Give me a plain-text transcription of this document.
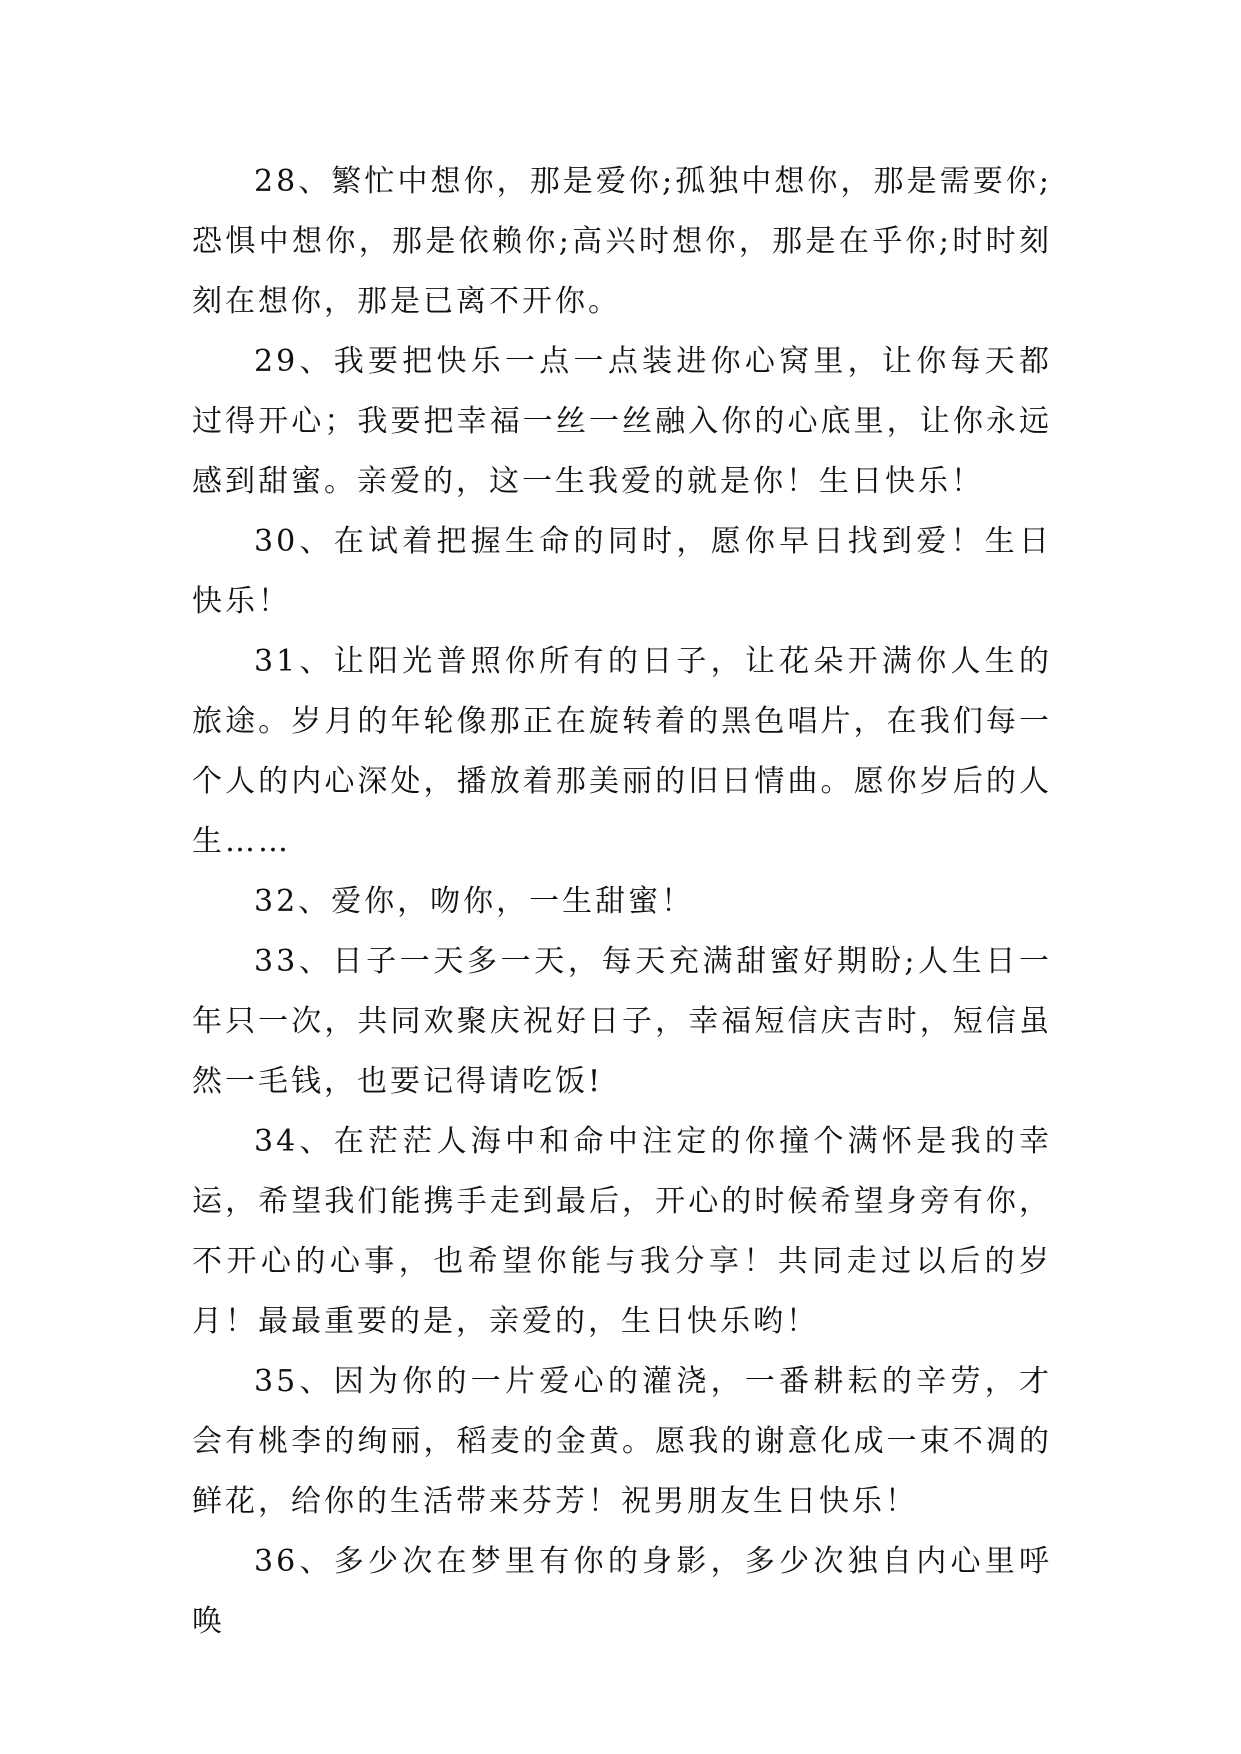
28、繁忙中想你，那是爱你;孤独中想你，那是需要你;恐惧中想你，那是依赖你;高兴时想你，那是在乎你;时时刻刻在想你，那是已离不开你。

29、我要把快乐一点一点装进你心窝里，让你每天都过得开心；我要把幸福一丝一丝融入你的心底里，让你永远感到甜蜜。亲爱的，这一生我爱的就是你！生日快乐！

30、在试着把握生命的同时，愿你早日找到爱！生日快乐！

31、让阳光普照你所有的日子，让花朵开满你人生的旅途。岁月的年轮像那正在旋转着的黑色唱片，在我们每一个人的内心深处，播放着那美丽的旧日情曲。愿你岁后的人生……

32、爱你，吻你，一生甜蜜！

33、日子一天多一天，每天充满甜蜜好期盼;人生日一年只一次，共同欢聚庆祝好日子，幸福短信庆吉时，短信虽然一毛钱，也要记得请吃饭!

34、在茫茫人海中和命中注定的你撞个满怀是我的幸运，希望我们能携手走到最后，开心的时候希望身旁有你，不开心的心事，也希望你能与我分享！共同走过以后的岁月！最最重要的是，亲爱的，生日快乐哟！

35、因为你的一片爱心的灌浇，一番耕耘的辛劳，才会有桃李的绚丽，稻麦的金黄。愿我的谢意化成一束不凋的鲜花，给你的生活带来芬芳！祝男朋友生日快乐！

36、多少次在梦里有你的身影，多少次独自内心里呼唤
